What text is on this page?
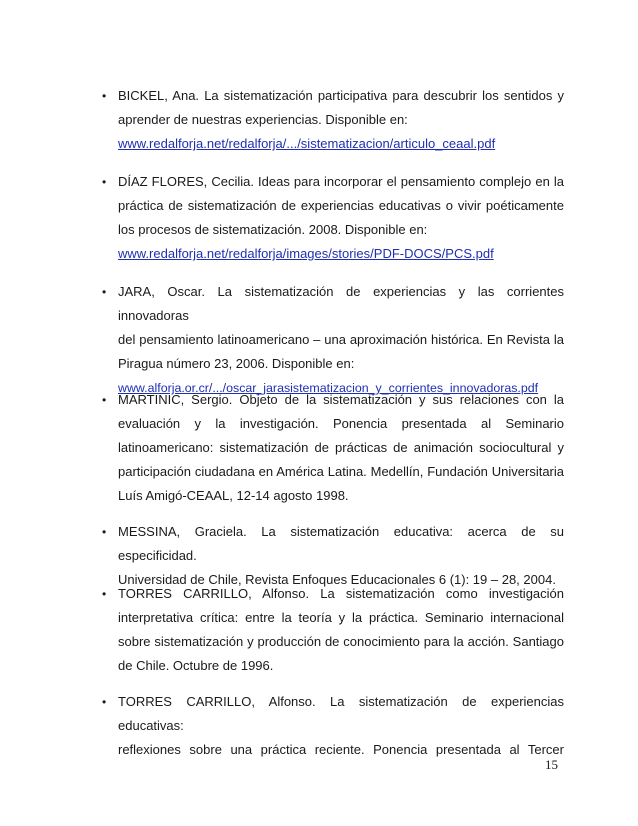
• BICKEL, Ana. La sistematización participativa para descubrir los sentidos y
aprender de nuestras experiencias. Disponible en:
www.redalforja.net/redalforja/.../sistematizacion/articulo_ceaal.pdf
• DÍAZ FLORES, Cecilia. Ideas para incorporar el pensamiento complejo en la
práctica de sistematización de experiencias educativas o vivir poéticamente
los procesos de sistematización. 2008. Disponible en:
www.redalforja.net/redalforja/images/stories/PDF-DOCS/PCS.pdf
• JARA, Oscar. La sistematización de experiencias y las corrientes innovadoras
del pensamiento latinoamericano – una aproximación histórica. En Revista la
Piragua número 23, 2006. Disponible en:
www.alforja.or.cr/.../oscar_jarasistematizacion_y_corrientes_innovadoras.pdf
• MARTINIC, Sergio. Objeto de la sistematización y sus relaciones con la
evaluación y la investigación. Ponencia presentada al Seminario
latinoamericano: sistematización de prácticas de animación sociocultural y
participación ciudadana en América Latina. Medellín, Fundación Universitaria
Luís Amigó-CEAAL, 12-14 agosto 1998.
• MESSINA, Graciela. La sistematización educativa: acerca de su especificidad.
Universidad de Chile, Revista Enfoques Educacionales 6 (1): 19 – 28, 2004.
• TORRES CARRILLO, Alfonso. La sistematización como investigación
interpretativa crítica: entre la teoría y la práctica. Seminario internacional
sobre sistematización y producción de conocimiento para la acción. Santiago
de Chile. Octubre de 1996.
• TORRES CARRILLO, Alfonso. La sistematización de experiencias educativas:
reflexiones sobre una práctica reciente. Ponencia presentada al Tercer
15
